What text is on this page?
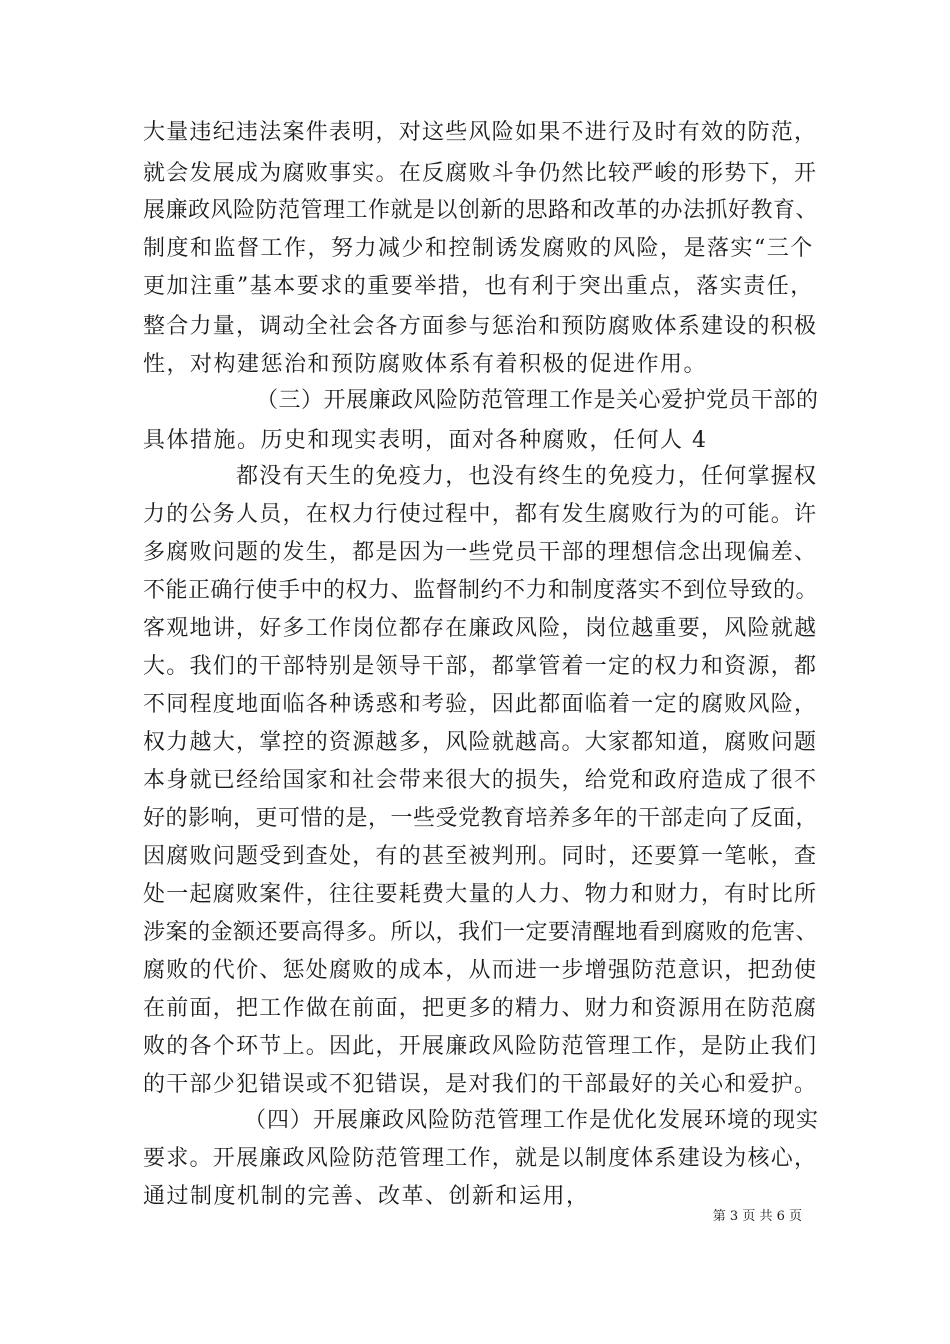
大量违纪违法案件表明，对这些风险如果不进行及时有效的防范，
就会发展成为腐败事实。在反腐败斗争仍然比较严峻的形势下，开
展廉政风险防范管理工作就是以创新的思路和改革的办法抓好教育、
制度和监督工作，努力减少和控制诱发腐败的风险，是落实“三个
更加注重”基本要求的重要举措，也有利于突出重点，落实责任，
整合力量，调动全社会各方面参与惩治和预防腐败体系建设的积极
性，对构建惩治和预防腐败体系有着积极的促进作用。
（三）开展廉政风险防范管理工作是关心爱护党员干部的
具体措施。历史和现实表明，面对各种腐败，任何人 4
都没有天生的免疫力，也没有终生的免疫力，任何掌握权
力的公务人员，在权力行使过程中，都有发生腐败行为的可能。许
多腐败问题的发生，都是因为一些党员干部的理想信念出现偏差、
不能正确行使手中的权力、监督制约不力和制度落实不到位导致的。
客观地讲，好多工作岗位都存在廉政风险，岗位越重要，风险就越
大。我们的干部特别是领导干部，都掌管着一定的权力和资源，都
不同程度地面临各种诱惑和考验，因此都面临着一定的腐败风险，
权力越大，掌控的资源越多，风险就越高。大家都知道，腐败问题
本身就已经给国家和社会带来很大的损失，给党和政府造成了很不
好的影响，更可惜的是，一些受党教育培养多年的干部走向了反面，
因腐败问题受到查处，有的甚至被判刑。同时，还要算一笔帐，查
处一起腐败案件，往往要耗费大量的人力、物力和财力，有时比所
涉案的金额还要高得多。所以，我们一定要清醒地看到腐败的危害、
腐败的代价、惩处腐败的成本，从而进一步增强防范意识，把劲使
在前面，把工作做在前面，把更多的精力、财力和资源用在防范腐
败的各个环节上。因此，开展廉政风险防范管理工作，是防止我们
的干部少犯错误或不犯错误，是对我们的干部最好的关心和爱护。
（四）开展廉政风险防范管理工作是优化发展环境的现实
要求。开展廉政风险防范管理工作，就是以制度体系建设为核心，
通过制度机制的完善、改革、创新和运用，
第 3 页 共 6 页
